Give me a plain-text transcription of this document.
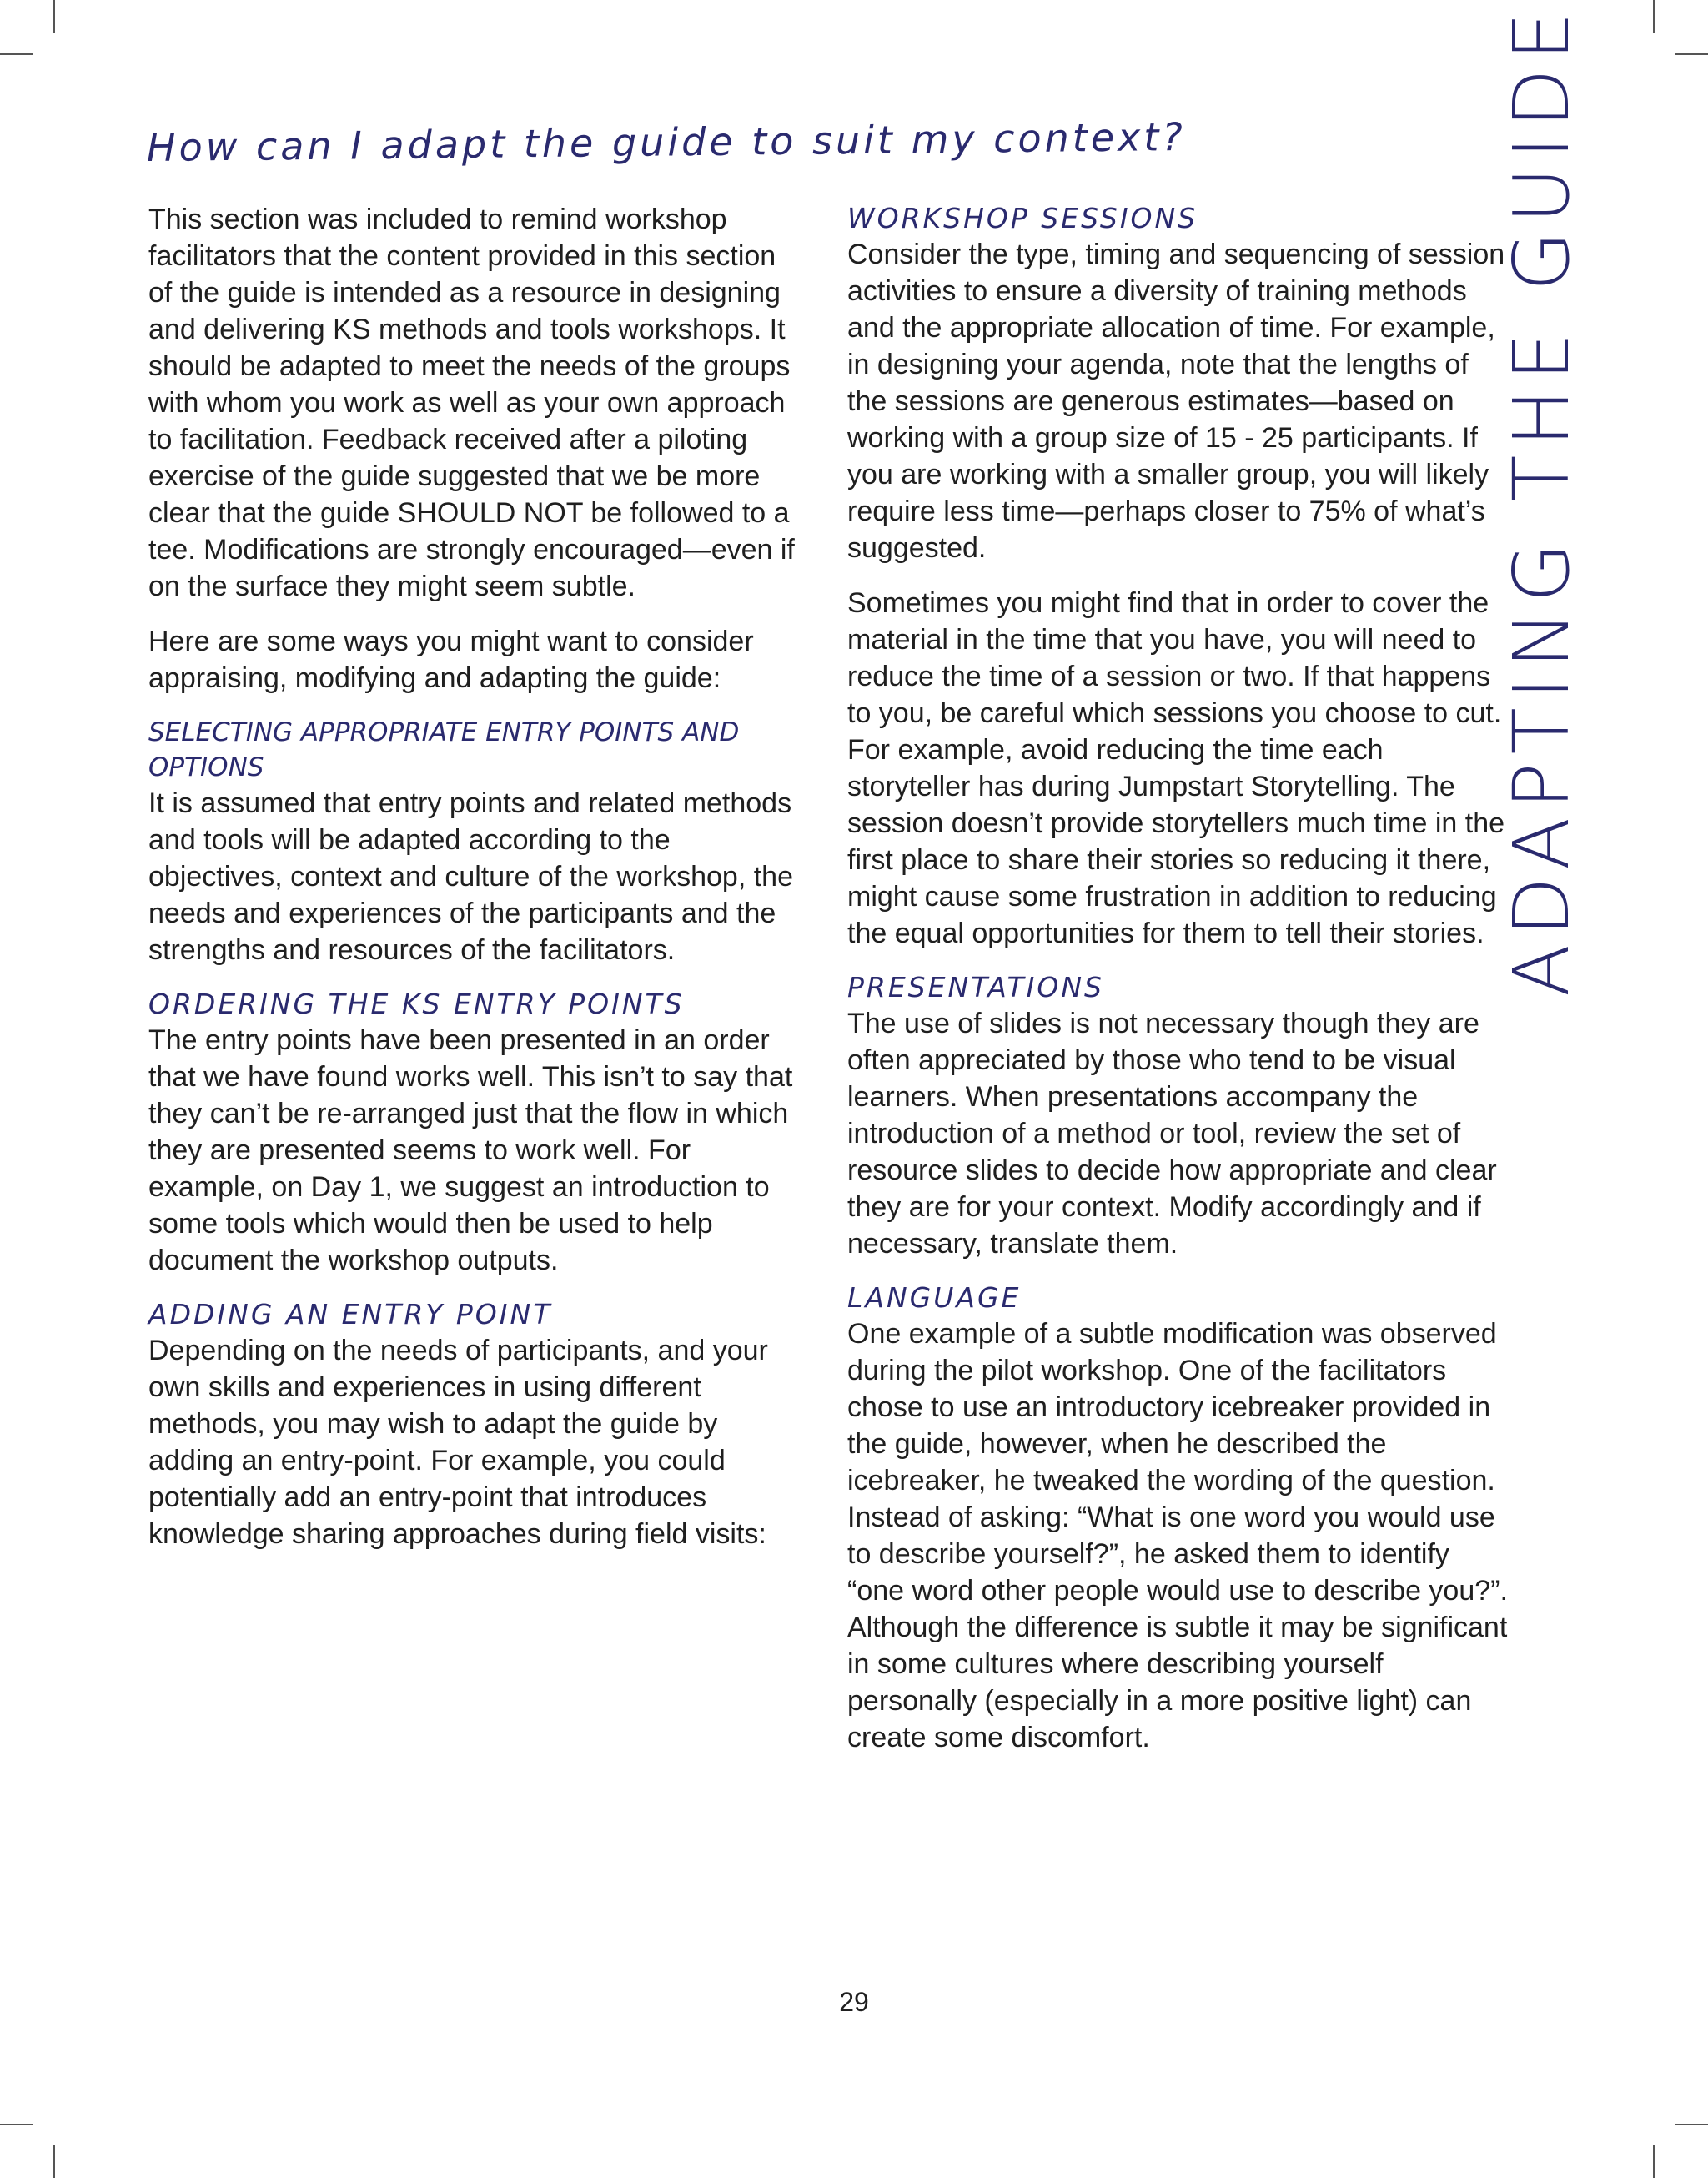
How can I adapt the guide to suit my context?	ADAPTING THE GUIDE

This section was included to remind workshop facilitators that the content provided in this section of the guide is intended as a resource in designing and delivering KS methods and tools workshops. It should be adapted to meet the needs of the groups with whom you work as well as your own approach to facilitation. Feedback received after a piloting exercise of the guide suggested that we be more clear that the guide SHOULD NOT be followed to a tee. Modifications are strongly encouraged—even if on the surface they might seem subtle.

Here are some ways you might want to consider appraising, modifying and adapting the guide:

SELECTING APPROPRIATE ENTRY POINTS AND OPTIONS

It is assumed that entry points and related methods and tools will be adapted according to the objectives, context and culture of the workshop, the needs and experiences of the participants and the strengths and resources of the facilitators.

ORDERING THE KS ENTRY POINTS

The entry points have been presented in an order that we have found works well. This isn’t to say that they can’t be re-arranged just that the flow in which they are presented seems to work well. For example, on Day 1, we suggest an introduction to some tools which would then be used to help document the workshop outputs.

ADDING AN ENTRY POINT

Depending on the needs of participants, and your own skills and experiences in using different methods, you may wish to adapt the guide by adding an entry-point. For example, you could potentially add an entry-point that introduces knowledge sharing approaches during field visits:

WORKSHOP SESSIONS

Consider the type, timing and sequencing of session activities to ensure a diversity of training methods and the appropriate allocation of time. For example, in designing your agenda, note that the lengths of the sessions are generous estimates—based on working with a group size of 15 - 25 participants. If you are working with a smaller group, you will likely require less time—perhaps closer to 75% of what’s suggested.

Sometimes you might find that in order to cover the material in the time that you have, you will need to reduce the time of a session or two. If that happens to you, be careful which sessions you choose to cut. For example, avoid reducing the time each storyteller has during Jumpstart Storytelling. The session doesn’t provide storytellers much time in the first place to share their stories so reducing it there, might cause some frustration in addition to reducing the equal opportunities for them to tell their stories.

PRESENTATIONS

The use of slides is not necessary though they are often appreciated by those who tend to be visual learners. When presentations accompany the introduction of a method or tool, review the set of resource slides to decide how appropriate and clear they are for your context. Modify accordingly and if necessary, translate them.

LANGUAGE

One example of a subtle modification was observed during the pilot workshop. One of the facilitators chose to use an introductory icebreaker provided in the guide, however, when he described the icebreaker, he tweaked the wording of the question. Instead of asking: “What is one word you would use to describe yourself?”, he asked them to identify “one word other people would use to describe you?”. Although the difference is subtle it may be significant in some cultures where describing yourself personally (especially in a more positive light) can create some discomfort.

29
